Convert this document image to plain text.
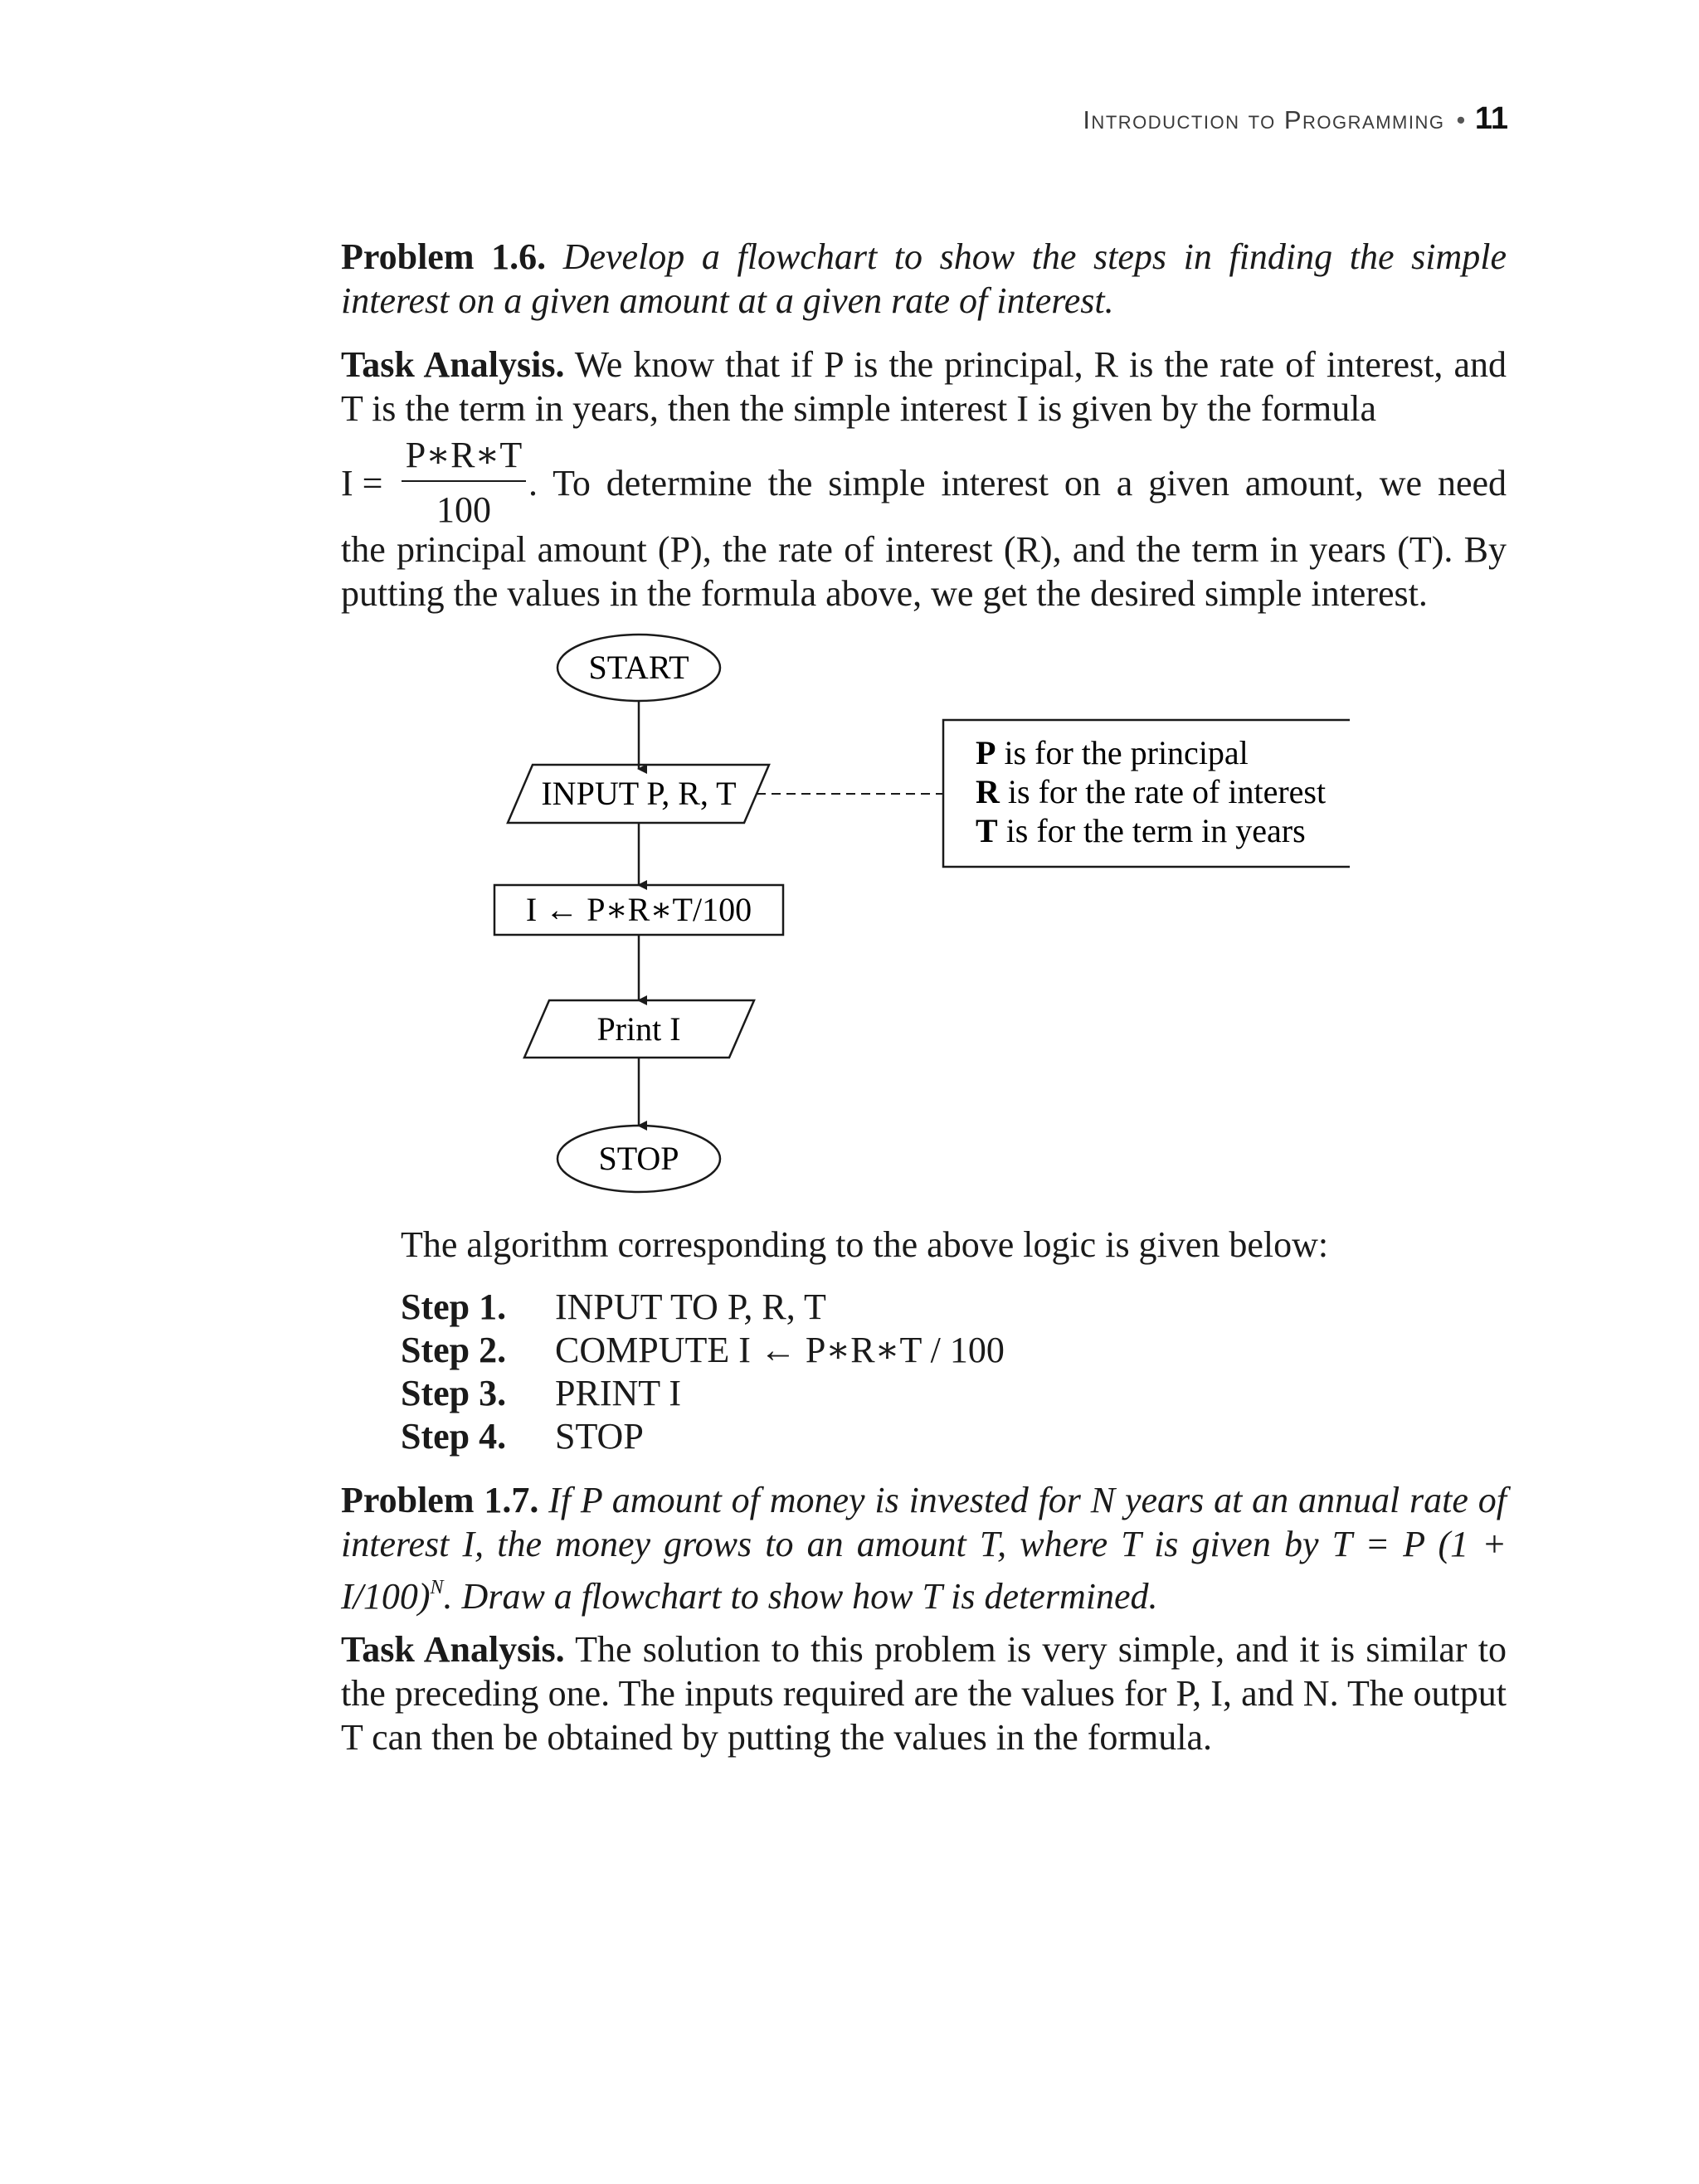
Introduction to Programming • 11
Problem 1.6. Develop a flowchart to show the steps in finding the simple interest on a given amount at a given rate of interest.
Task Analysis. We know that if P is the principal, R is the rate of interest, and T is the term in years, then the simple interest I is given by the formula
I =
P∗R∗T
100
. To determine the simple interest on a given amount, we need
the principal amount (P), the rate of interest (R), and the term in years (T). By putting the values in the formula above, we get the desired simple interest.
START
INPUT P, R, T
P is for the principal
R is for the rate of interest
T is for the term in years
I ← P∗R∗T/100
Print I
STOP
The algorithm corresponding to the above logic is given below:
Step 1.	INPUT TO P, R, T
Step 2.	COMPUTE I ← P∗R∗T / 100
Step 3.	PRINT I
Step 4.	STOP
Problem 1.7. If P amount of money is invested for N years at an annual rate of interest I, the money grows to an amount T, where T is given by T = P $(1 + I/100)^N$. Draw a flowchart to show how T is determined.
Task Analysis. The solution to this problem is very simple, and it is similar to the preceding one. The inputs required are the values for P, I, and N. The output T can then be obtained by putting the values in the formula.
